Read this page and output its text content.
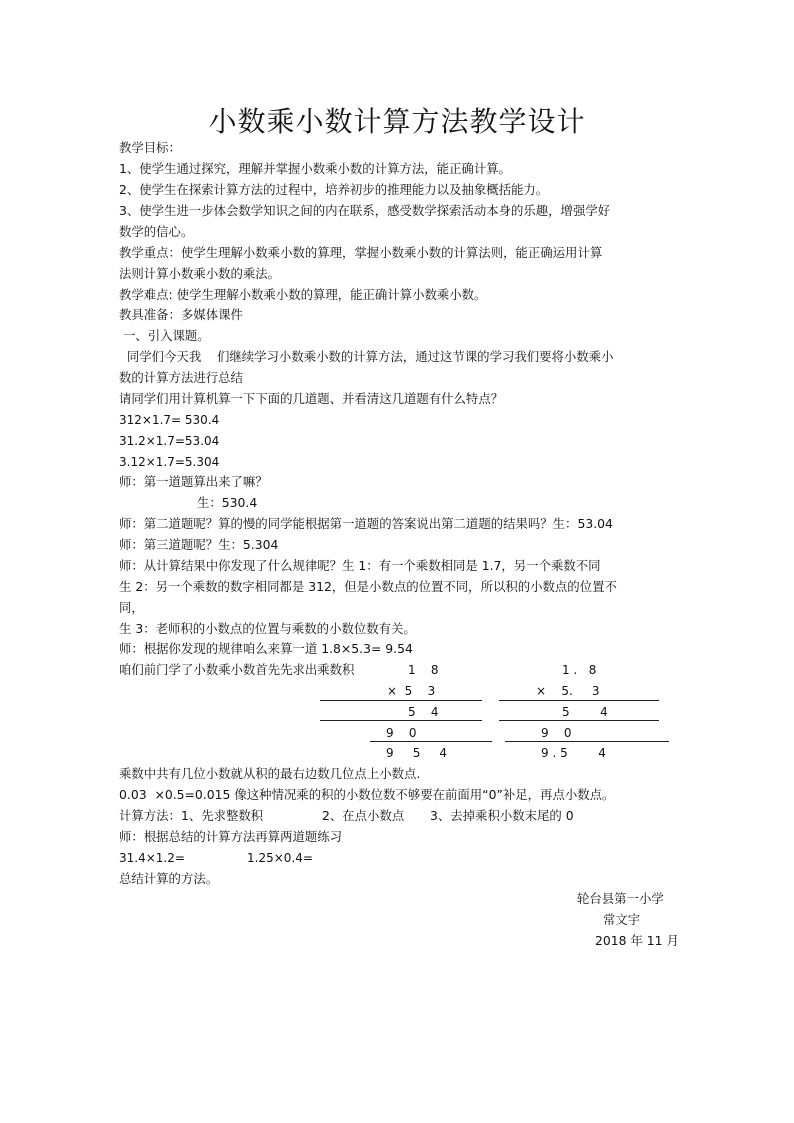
小数乘小数计算方法教学设计
教学目标：
1、使学生通过探究，理解并掌握小数乘小数的计算方法，能正确计算。
2、使学生在探索计算方法的过程中，培养初步的推理能力以及抽象概括能力。
3、使学生进一步体会数学知识之间的内在联系，感受数学探索活动本身的乐趣，增强学好
数学的信心。
教学重点：使学生理解小数乘小数的算理，掌握小数乘小数的计算法则，能正确运用计算
法则计算小数乘小数的乘法。
教学难点: 使学生理解小数乘小数的算理，能正确计算小数乘小数。
教具准备：多媒体课件
一、引入课题。
同学们今天我    们继续学习小数乘小数的计算方法，通过这节课的学习我们要将小数乘小
数的计算方法进行总结
请同学们用计算机算一下下面的几道题、并看清这几道题有什么特点？
312×1.7= 530.4
31.2×1.7=53.04
3.12×1.7=5.304
师：第一道题算出来了嘛？
生：530.4
师：第二道题呢？算的慢的同学能根据第一道题的答案说出第二道题的结果吗？生：53.04
师：第三道题呢？生：5.304
师：从计算结果中你发现了什么规律呢？生 1：有一个乘数相同是 1.7，另一个乘数不同
生 2：另一个乘数的数字相同都是 312，但是小数点的位置不同，所以积的小数点的位置不
同，
生 3：老师积的小数点的位置与乘数的小数位数有关。
师：根据你发现的规律咱么来算一道 1.8×5.3= 9.54
咱们前门学了小数乘小数首先先求出乘数积	1    8
×  5    3
5    4
9    0
9     5     4
1 .   8
×    5.     3
5        4
9    0
9 . 5        4
乘数中共有几位小数就从积的最右边数几位点上小数点.
0.03  ×0.5=0.015 像这种情况乘的积的小数位数不够要在前面用“0”补足，再点小数点。
计算方法：1、先求整数积	2、在点小数点 3、去掉乘积小数末尾的 0
师：根据总结的计算方法再算两道题练习
31.4×1.2=	1.25×0.4=
总结计算的方法。
轮台县第一小学
常文宇
2018 年 11 月
